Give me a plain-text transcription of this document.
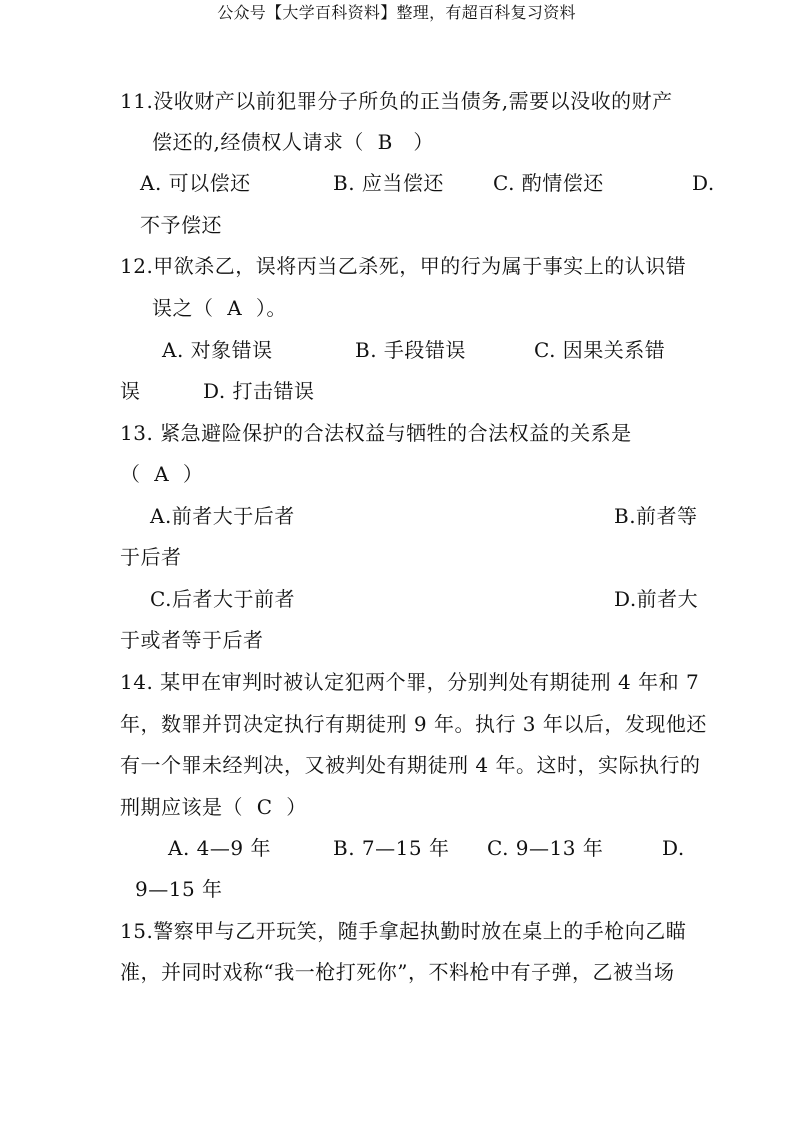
公众号【大学百科资料】整理，有超百科复习资料
11.没收财产以前犯罪分子所负的正当债务,需要以没收的财产
偿还的,经债权人请求（  B   ）
A. 可以偿还	B. 应当偿还 C. 酌情偿还	D.
不予偿还
12.甲欲杀乙，误将丙当乙杀死，甲的行为属于事实上的认识错
误之（  A  ）。
A. 对象错误	B. 手段错误	C. 因果关系错
误	D. 打击错误
13. 紧急避险保护的合法权益与牺牲的合法权益的关系是
（  A  ）
A.前者大于后者	B.前者等
于后者
C.后者大于前者	D.前者大
于或者等于后者
14. 某甲在审判时被认定犯两个罪，分别判处有期徒刑 4 年和 7
年，数罪并罚决定执行有期徒刑 9 年。执行 3 年以后，发现他还
有一个罪未经判决，又被判处有期徒刑 4 年。这时，实际执行的
刑期应该是（  C  ）
A. 4—9 年	B. 7—15 年 C. 9—13 年	D.
9—15 年
15.警察甲与乙开玩笑，随手拿起执勤时放在桌上的手枪向乙瞄
准，并同时戏称“我一枪打死你”，不料枪中有子弹，乙被当场
